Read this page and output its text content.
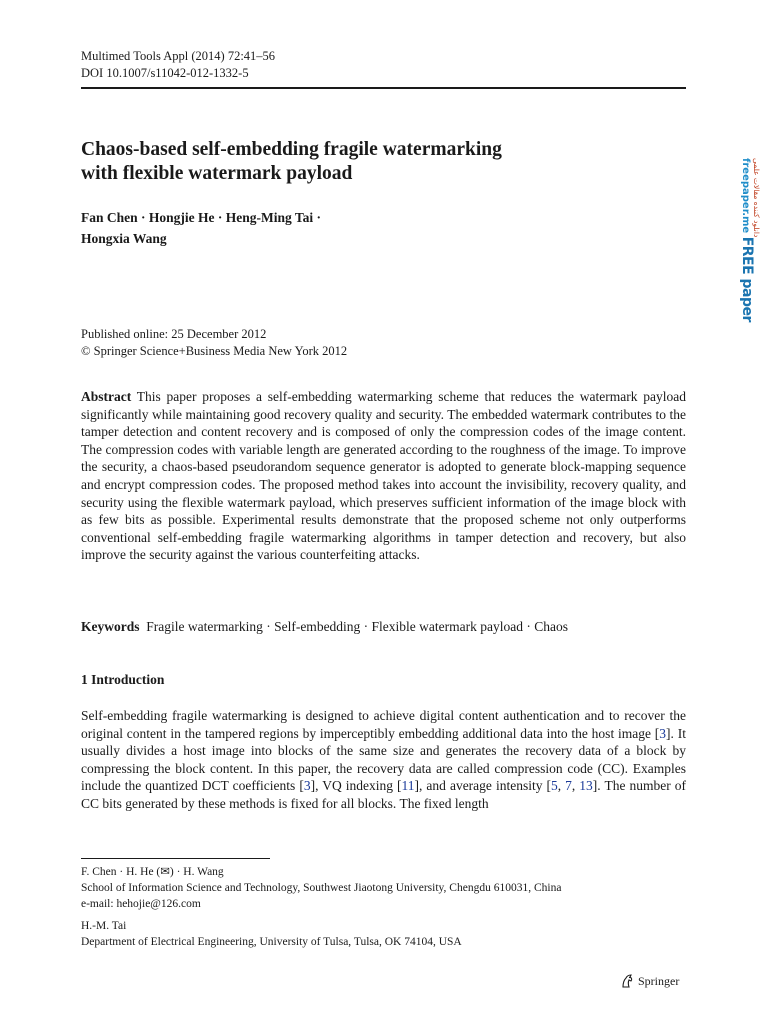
Multimed Tools Appl (2014) 72:41–56
DOI 10.1007/s11042-012-1332-5
دانلود کننده مقالات علمی
freepaper.me FREE paper
Chaos-based self-embedding fragile watermarking
with flexible watermark payload
Fan Chen · Hongjie He · Heng-Ming Tai ·
Hongxia Wang
Published online: 25 December 2012
© Springer Science+Business Media New York 2012

Abstract This paper proposes a self-embedding watermarking scheme that reduces the watermark payload significantly while maintaining good recovery quality and security. The embedded watermark contributes to the tamper detection and content recovery and is composed of only the compression codes of the image content. The compression codes with variable length are generated according to the roughness of the image. To improve the security, a chaos-based pseudorandom sequence generator is adopted to generate block-mapping sequence and encrypt compression codes. The proposed method takes into account the invisibility, recovery quality, and security using the flexible watermark payload, which preserves sufficient information of the image block with as few bits as possible. Experimental results demonstrate that the proposed scheme not only outperforms conventional self-embedding fragile watermarking algorithms in tamper detection and recovery, but also improve the security against the various counterfeiting attacks.

Keywords Fragile watermarking · Self-embedding · Flexible watermark payload · Chaos
1 Introduction

Self-embedding fragile watermarking is designed to achieve digital content authentication and to recover the original content in the tampered regions by imperceptibly embedding additional data into the host image [3]. It usually divides a host image into blocks of the same size and generates the recovery data of a block by compressing the block content. In this paper, the recovery data are called compression code (CC). Examples include the quantized DCT coefficients [3], VQ indexing [11], and average intensity [5, 7, 13]. The number of CC bits generated by these methods is fixed for all blocks. The fixed length

F. Chen · H. He (✉) · H. Wang
School of Information Science and Technology, Southwest Jiaotong University, Chengdu 610031, China
e-mail: hehojie@126.com
H.-M. Tai
Department of Electrical Engineering, University of Tulsa, Tulsa, OK 74104, USA
Springer
